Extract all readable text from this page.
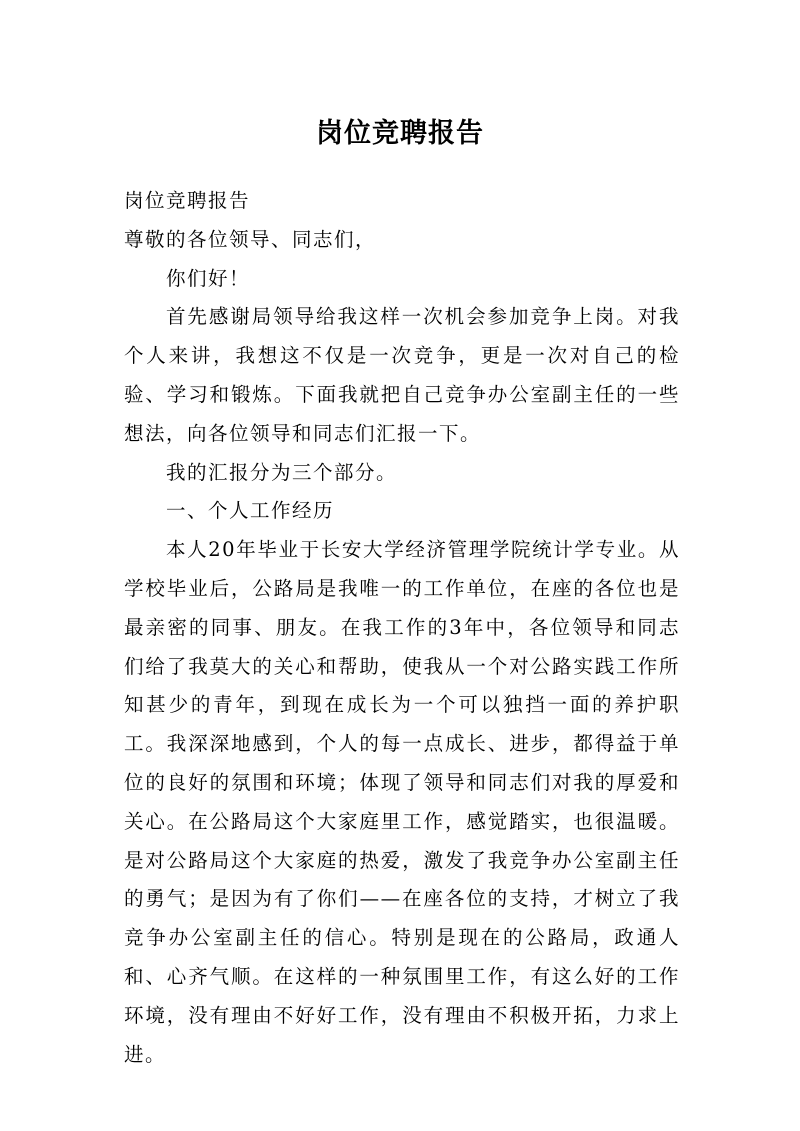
岗位竞聘报告

岗位竞聘报告

尊敬的各位领导、同志们，

你们好！

首先感谢局领导给我这样一次机会参加竞争上岗。对我个人来讲，我想这不仅是一次竞争，更是一次对自己的检验、学习和锻炼。下面我就把自己竞争办公室副主任的一些想法，向各位领导和同志们汇报一下。

我的汇报分为三个部分。

一、个人工作经历

本人20年毕业于长安大学经济管理学院统计学专业。从学校毕业后，公路局是我唯一的工作单位，在座的各位也是最亲密的同事、朋友。在我工作的3年中，各位领导和同志们给了我莫大的关心和帮助，使我从一个对公路实践工作所知甚少的青年，到现在成长为一个可以独挡一面的养护职工。我深深地感到，个人的每一点成长、进步，都得益于单位的良好的氛围和环境；体现了领导和同志们对我的厚爱和关心。在公路局这个大家庭里工作，感觉踏实，也很温暖。是对公路局这个大家庭的热爱，激发了我竞争办公室副主任的勇气；是因为有了你们——在座各位的支持，才树立了我竞争办公室副主任的信心。特别是现在的公路局，政通人和、心齐气顺。在这样的一种氛围里工作，有这么好的工作环境，没有理由不好好工作，没有理由不积极开拓，力求上进。
